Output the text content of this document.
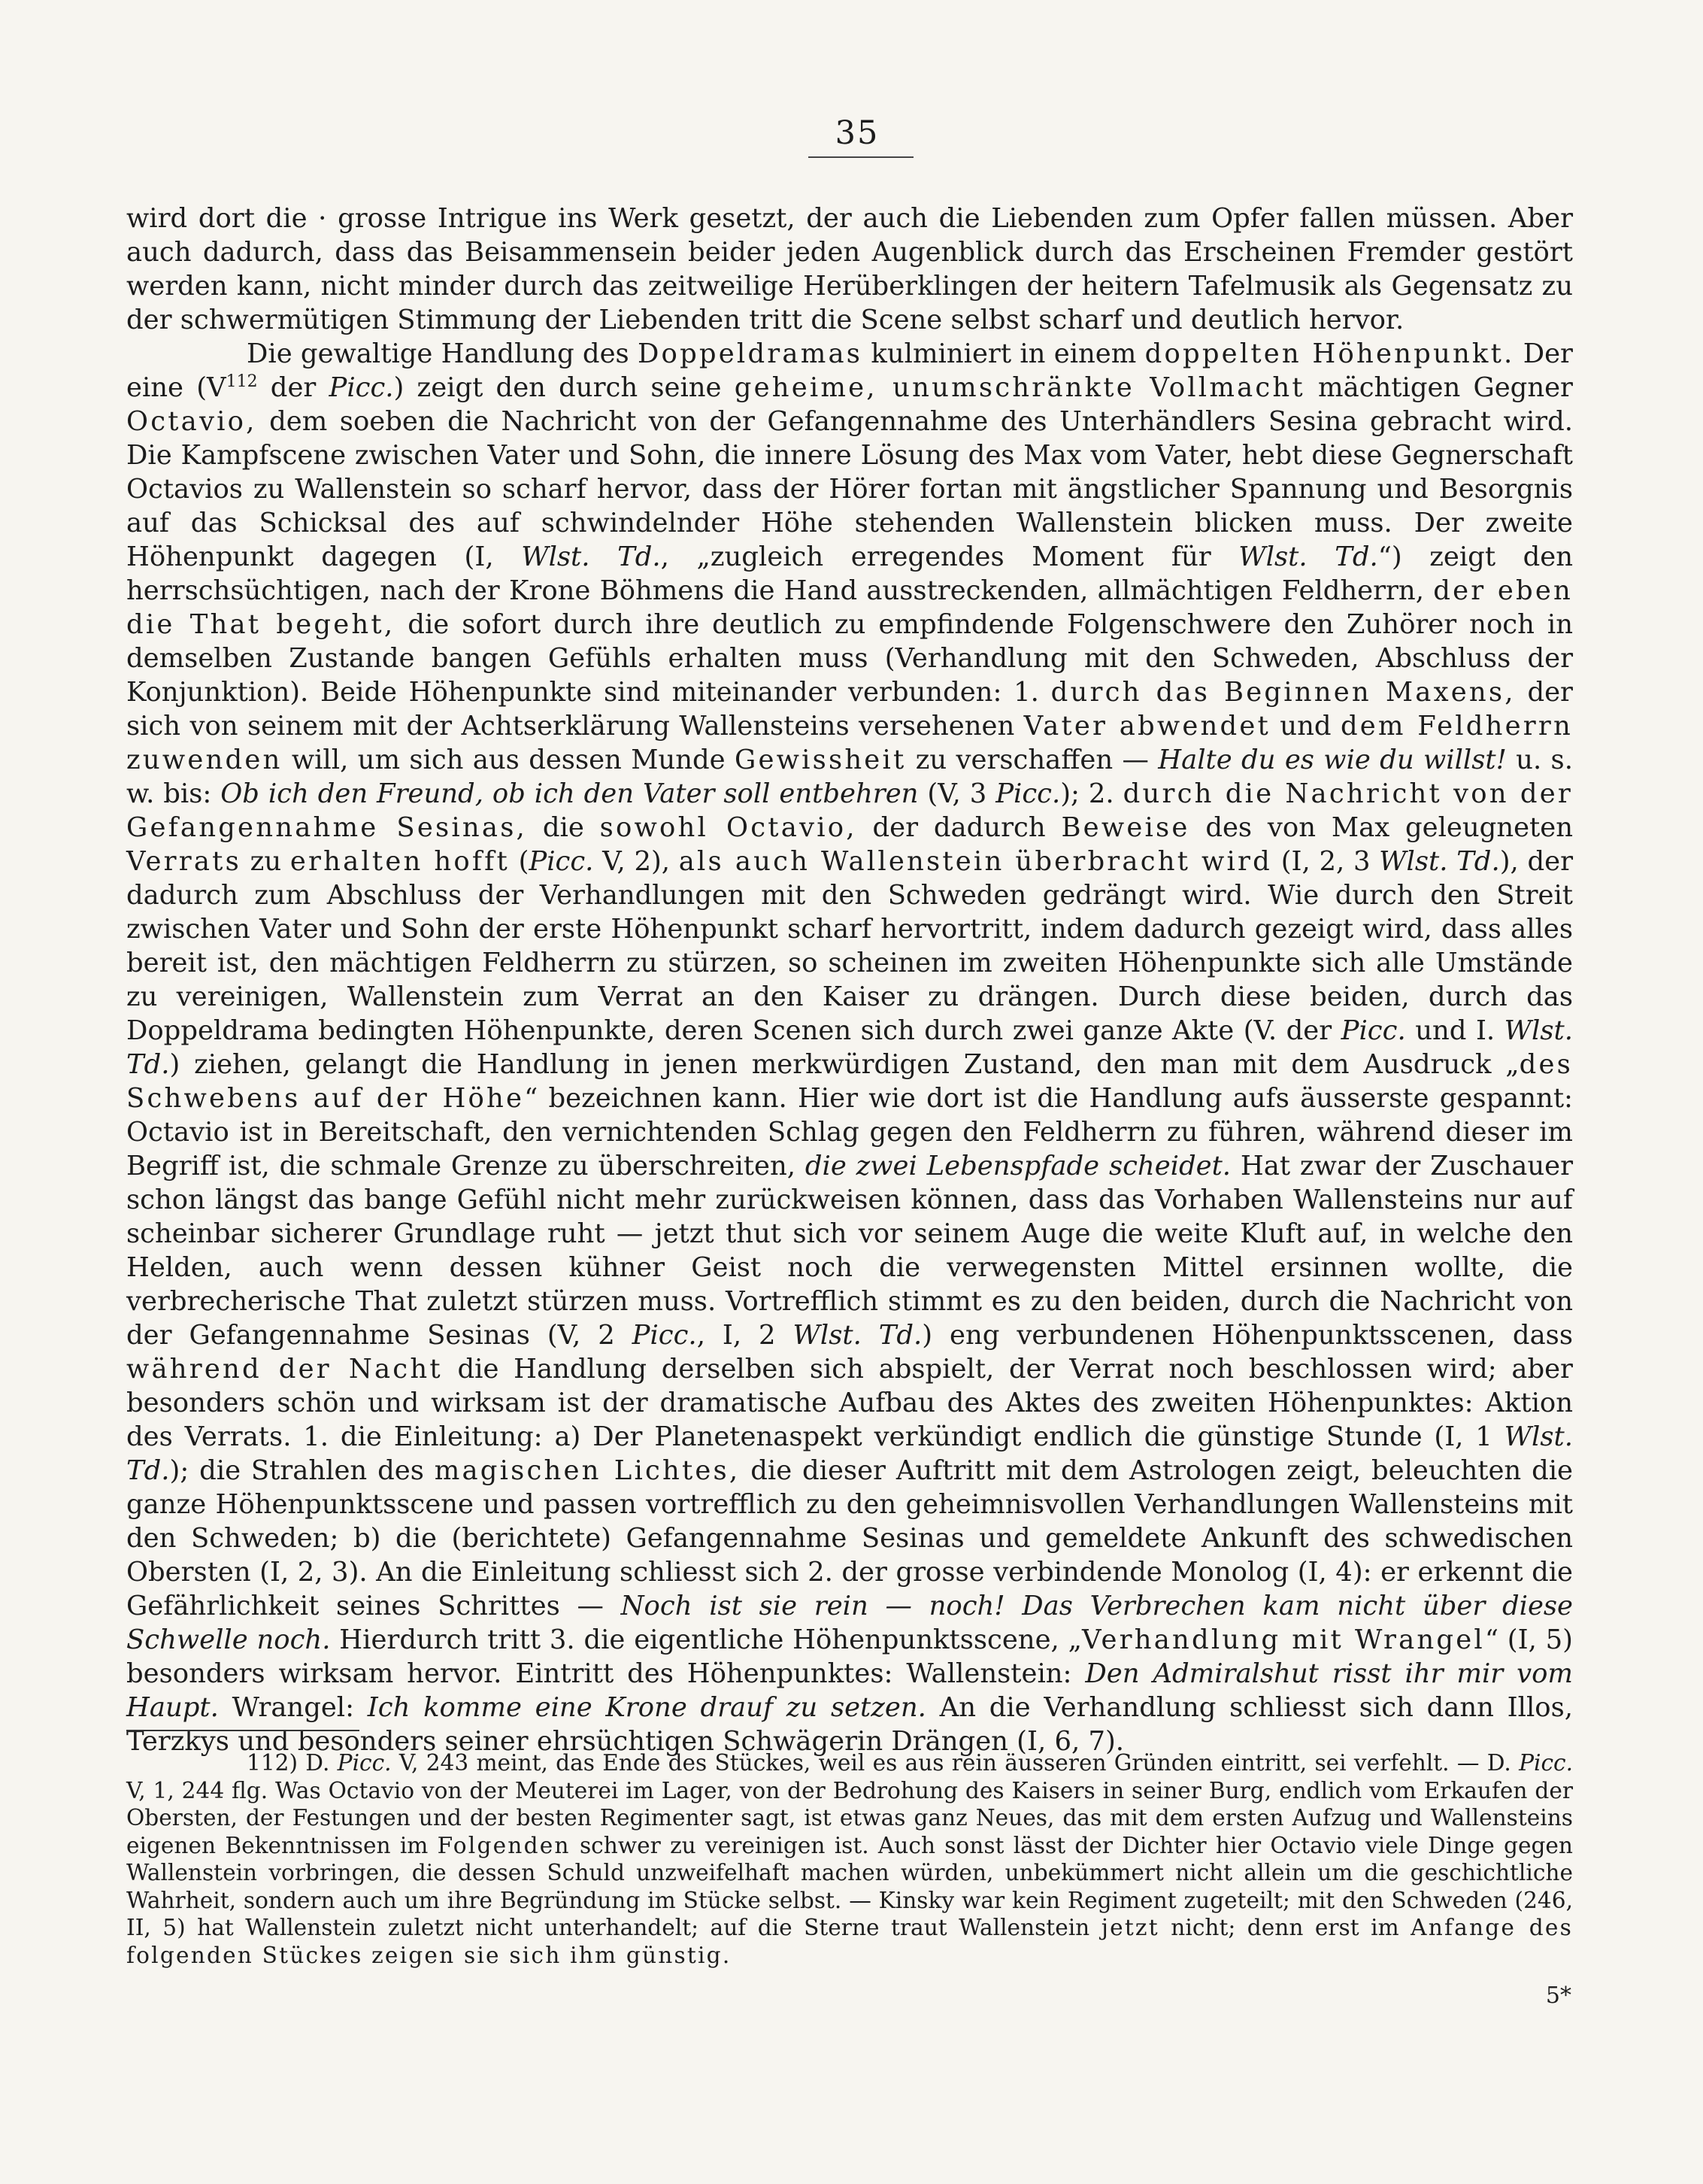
35

wird dort die · grosse Intrigue ins Werk gesetzt, der auch die Liebenden zum Opfer fallen müssen. Aber auch dadurch, dass das Beisammensein beider jeden Augenblick durch das Erscheinen Fremder gestört werden kann, nicht minder durch das zeitweilige Herüberklingen der heitern Tafelmusik als Gegensatz zu der schwermütigen Stimmung der Liebenden tritt die Scene selbst scharf und deutlich hervor.

Die gewaltige Handlung des Doppeldramas kulminiert in einem doppelten Höhenpunkt. Der eine ($V^{112}$ der Picc.) zeigt den durch seine geheime, unumschränkte Vollmacht mächtigen Gegner Octavio, dem soeben die Nachricht von der Gefangennahme des Unterhändlers Sesina gebracht wird. Die Kampfscene zwischen Vater und Sohn, die innere Lösung des Max vom Vater, hebt diese Gegnerschaft Octavios zu Wallenstein so scharf hervor, dass der Hörer fortan mit ängstlicher Spannung und Besorgnis auf das Schicksal des auf schwindelnder Höhe stehenden Wallenstein blicken muss. Der zweite Höhenpunkt dagegen (I, Wlst. Td., „zugleich erregendes Moment für Wlst. Td.“) zeigt den herrschsüchtigen, nach der Krone Böhmens die Hand ausstreckenden, allmächtigen Feldherrn, der eben die That begeht, die sofort durch ihre deutlich zu empfindende Folgenschwere den Zuhörer noch in demselben Zustande bangen Gefühls erhalten muss (Verhandlung mit den Schweden, Abschluss der Konjunktion). Beide Höhenpunkte sind miteinander verbunden: 1. durch das Beginnen Maxens, der sich von seinem mit der Achtserklärung Wallensteins versehenen Vater abwendet und dem Feldherrn zuwenden will, um sich aus dessen Munde Gewissheit zu verschaffen — Halte du es wie du willst! u. s. w. bis: Ob ich den Freund, ob ich den Vater soll entbehren (V, 3 Picc.); 2. durch die Nachricht von der Gefangennahme Sesinas, die sowohl Octavio, der dadurch Beweise des von Max geleugneten Verrats zu erhalten hofft (Picc. V, 2), als auch Wallenstein überbracht wird (I, 2, 3 Wlst. Td.), der dadurch zum Abschluss der Verhandlungen mit den Schweden gedrängt wird. Wie durch den Streit zwischen Vater und Sohn der erste Höhenpunkt scharf hervortritt, indem dadurch gezeigt wird, dass alles bereit ist, den mächtigen Feldherrn zu stürzen, so scheinen im zweiten Höhenpunkte sich alle Umstände zu vereinigen, Wallenstein zum Verrat an den Kaiser zu drängen. Durch diese beiden, durch das Doppeldrama bedingten Höhenpunkte, deren Scenen sich durch zwei ganze Akte (V. der Picc. und I. Wlst. Td.) ziehen, gelangt die Handlung in jenen merkwürdigen Zustand, den man mit dem Ausdruck „des Schwebens auf der Höhe“ bezeichnen kann. Hier wie dort ist die Handlung aufs äusserste gespannt: Octavio ist in Bereitschaft, den vernichtenden Schlag gegen den Feldherrn zu führen, während dieser im Begriff ist, die schmale Grenze zu überschreiten, die zwei Lebenspfade scheidet. Hat zwar der Zuschauer schon längst das bange Gefühl nicht mehr zurückweisen können, dass das Vorhaben Wallensteins nur auf scheinbar sicherer Grundlage ruht — jetzt thut sich vor seinem Auge die weite Kluft auf, in welche den Helden, auch wenn dessen kühner Geist noch die verwegensten Mittel ersinnen wollte, die verbrecherische That zuletzt stürzen muss. Vortrefflich stimmt es zu den beiden, durch die Nachricht von der Gefangennahme Sesinas (V, 2 Picc., I, 2 Wlst. Td.) eng verbundenen Höhenpunktsscenen, dass während der Nacht die Handlung derselben sich abspielt, der Verrat noch beschlossen wird; aber besonders schön und wirksam ist der dramatische Aufbau des Aktes des zweiten Höhenpunktes: Aktion des Verrats. 1. die Einleitung: a) Der Planetenaspekt verkündigt endlich die günstige Stunde (I, 1 Wlst. Td.); die Strahlen des magischen Lichtes, die dieser Auftritt mit dem Astrologen zeigt, beleuchten die ganze Höhenpunktsscene und passen vortrefflich zu den geheimnisvollen Verhandlungen Wallensteins mit den Schweden; b) die (berichtete) Gefangennahme Sesinas und gemeldete Ankunft des schwedischen Obersten (I, 2, 3). An die Einleitung schliesst sich 2. der grosse verbindende Monolog (I, 4): er erkennt die Gefährlichkeit seines Schrittes — Noch ist sie rein — noch! Das Verbrechen kam nicht über diese Schwelle noch. Hierdurch tritt 3. die eigentliche Höhenpunktsscene, „Verhandlung mit Wrangel“ (I, 5) besonders wirksam hervor. Eintritt des Höhenpunktes: Wallenstein: Den Admiralshut risst ihr mir vom Haupt. Wrangel: Ich komme eine Krone drauf zu setzen. An die Verhandlung schliesst sich dann Illos, Terzkys und besonders seiner ehrsüchtigen Schwägerin Drängen (I, 6, 7).

112) D. Picc. V, 243 meint, das Ende des Stückes, weil es aus rein äusseren Gründen eintritt, sei verfehlt. — D. Picc. V, 1, 244 flg. Was Octavio von der Meuterei im Lager, von der Bedrohung des Kaisers in seiner Burg, endlich vom Erkaufen der Obersten, der Festungen und der besten Regimenter sagt, ist etwas ganz Neues, das mit dem ersten Aufzug und Wallensteins eigenen Bekenntnissen im Folgenden schwer zu vereinigen ist. Auch sonst lässt der Dichter hier Octavio viele Dinge gegen Wallenstein vorbringen, die dessen Schuld unzweifelhaft machen würden, unbekümmert nicht allein um die geschichtliche Wahrheit, sondern auch um ihre Begründung im Stücke selbst. — Kinsky war kein Regiment zugeteilt; mit den Schweden (246, II, 5) hat Wallenstein zuletzt nicht unterhandelt; auf die Sterne traut Wallenstein jetzt nicht; denn erst im Anfange des folgenden Stückes zeigen sie sich ihm günstig.

5*
